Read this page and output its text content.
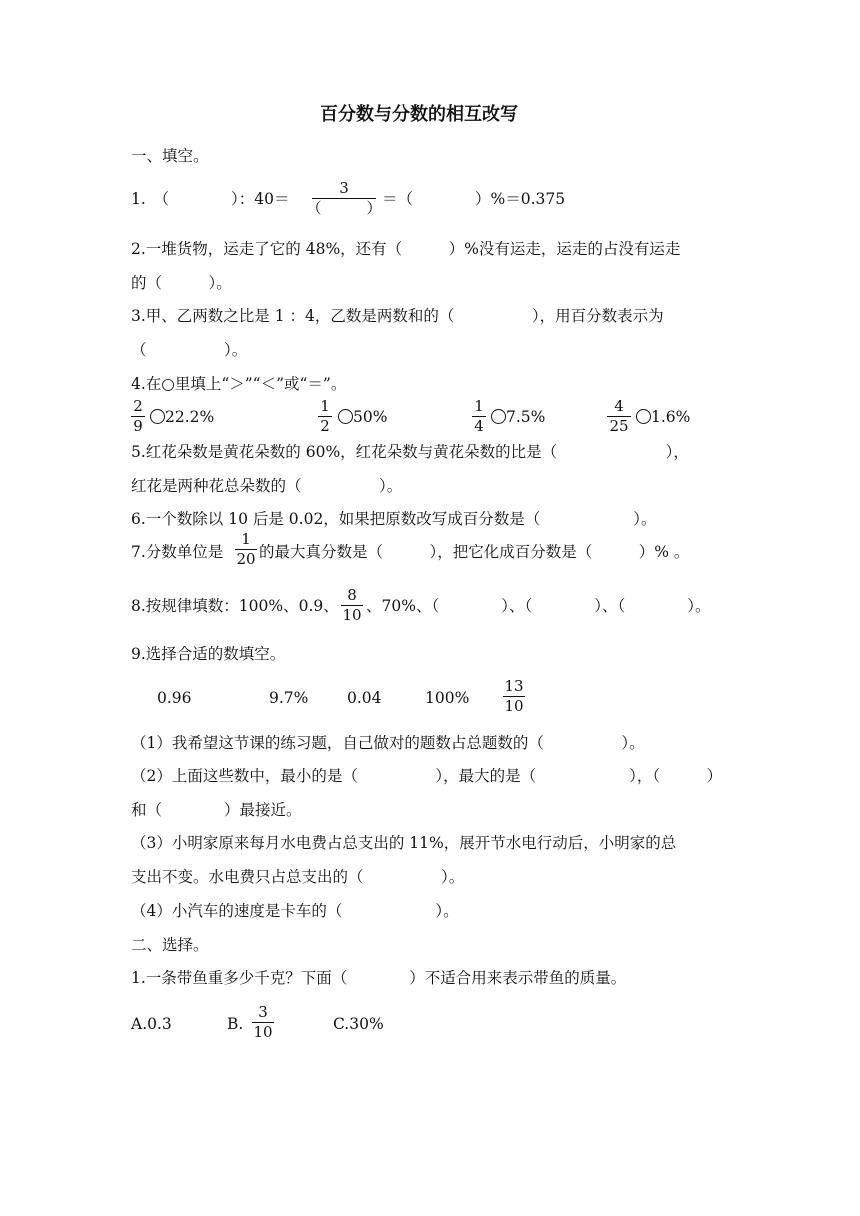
百分数与分数的相互改写
一、填空。
1.　（　　　　）：40＝
3
（　　　） ＝（　　　　）%＝0.375
2.一堆货物，运走了它的 48%，还有（　　　）%没有运走，运走的占没有运走
的（　　　）。
3.甲、乙两数之比是 1 ：4，乙数是两数和的（　　　　　），用百分数表示为
（　　　　　）。
4.在○里填上“＞”“＜”或“＝”。
2
9	22.2%
1
2	50%
1
4	7.5%
4
25	1.6%
5.红花朵数是黄花朵数的 60%，红花朵数与黄花朵数的比是（　　　　　　　），
红花是两种花总朵数的（　　　　　）。
6.一个数除以 10 后是 0.02，如果把原数改写成百分数是（　　　　　　）。
7.分数单位是
1
20 的最大真分数是（　　　），把它化成百分数是（　　　）% 。
8.按规律填数：100%、0.9、
8
10 、70%、（　　　　）、（　　　　）、（　　　　）。
9.选择合适的数填空。
0.96	9.7% 0.04	100%
13
10
（1）我希望这节课的练习题，自己做对的题数占总题数的（　　　　　）。
（2）上面这些数中，最小的是（　　　　　），最大的是（　　　　　　），（　　　）
和（　　　　）最接近。
（3）小明家原来每月水电费占总支出的 11%，展开节水电行动后，小明家的总
支出不变。水电费只占总支出的（　　　　　）。
（4）小汽车的速度是卡车的（　　　　　　）。
二、选择。
1.一条带鱼重多少千克？下面（　　　　）不适合用来表示带鱼的质量。
A.0.3	B.
3
10	C.30%
